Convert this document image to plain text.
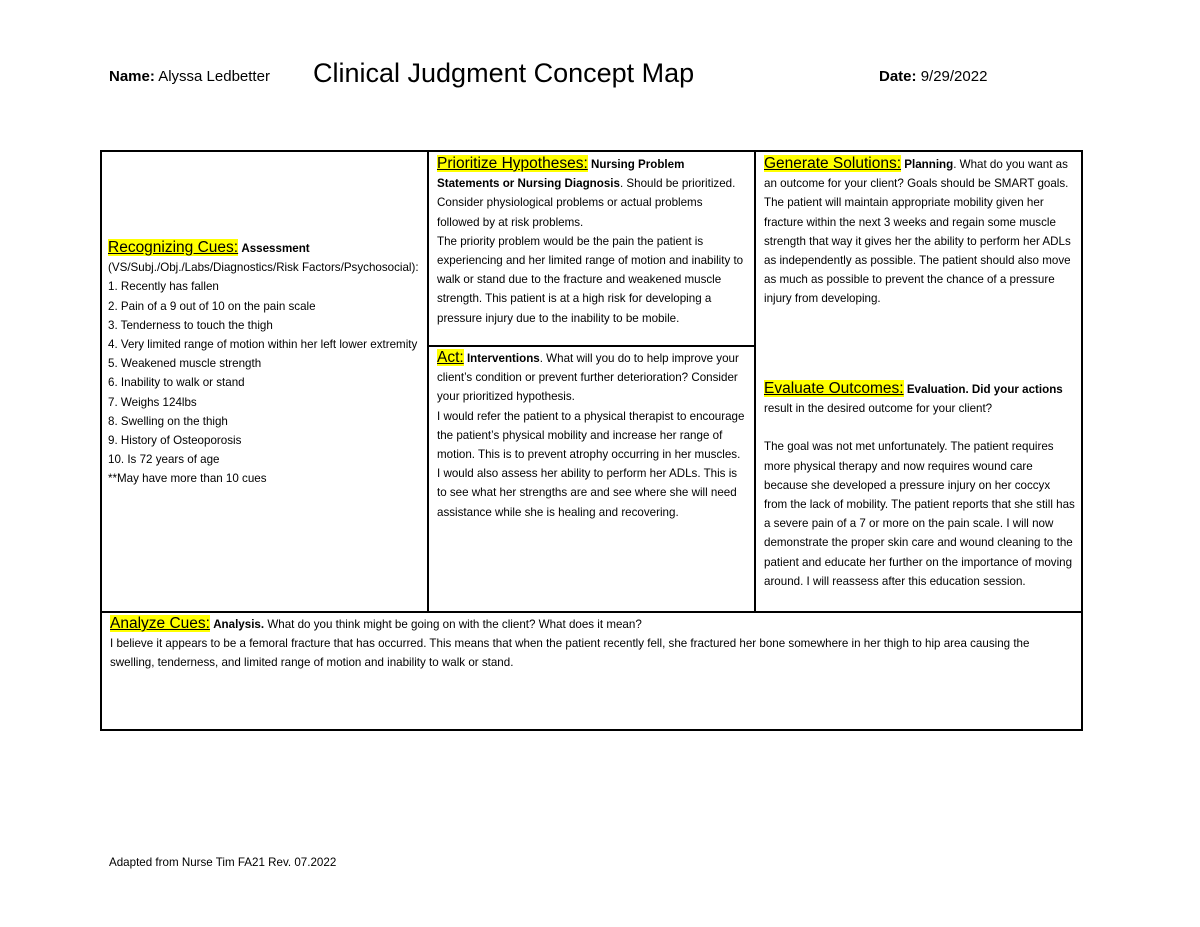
Name: Alyssa Ledbetter Clinical Judgment Concept Map	Date: 9/29/2022
Recognizing Cues: Assessment
(VS/Subj./Obj./Labs/Diagnostics/Risk Factors/Psychosocial):
1. Recently has fallen
2. Pain of a 9 out of 10 on the pain scale
3. Tenderness to touch the thigh
4. Very limited range of motion within her left lower extremity
5. Weakened muscle strength
6. Inability to walk or stand
7. Weighs 124lbs
8. Swelling on the thigh
9. History of Osteoporosis
10. Is 72 years of age
**May have more than 10 cues
Prioritize Hypotheses: Nursing Problem Statements or Nursing Diagnosis. Should be prioritized. Consider physiological problems or actual problems followed by at risk problems.
The priority problem would be the pain the patient is experiencing and her limited range of motion and inability to walk or stand due to the fracture and weakened muscle strength. This patient is at a high risk for developing a pressure injury due to the inability to be mobile.
Act: Interventions. What will you do to help improve your client’s condition or prevent further deterioration? Consider your prioritized hypothesis.
I would refer the patient to a physical therapist to encourage the patient’s physical mobility and increase her range of motion. This is to prevent atrophy occurring in her muscles.
I would also assess her ability to perform her ADLs. This is to see what her strengths are and see where she will need assistance while she is healing and recovering.
Generate Solutions: Planning. What do you want as an outcome for your client? Goals should be SMART goals.
The patient will maintain appropriate mobility given her fracture within the next 3 weeks and regain some muscle strength that way it gives her the ability to perform her ADLs as independently as possible. The patient should also move as much as possible to prevent the chance of a pressure injury from developing.
Evaluate Outcomes: Evaluation. Did your actions result in the desired outcome for your client?
The goal was not met unfortunately. The patient requires more physical therapy and now requires wound care because she developed a pressure injury on her coccyx from the lack of mobility. The patient reports that she still has a severe pain of a 7 or more on the pain scale. I will now demonstrate the proper skin care and wound cleaning to the patient and educate her further on the importance of moving around. I will reassess after this education session.
Analyze Cues: Analysis. What do you think might be going on with the client? What does it mean?
I believe it appears to be a femoral fracture that has occurred. This means that when the patient recently fell, she fractured her bone somewhere in her thigh to hip area causing the swelling, tenderness, and limited range of motion and inability to walk or stand.
Adapted from Nurse Tim FA21 Rev. 07.2022
